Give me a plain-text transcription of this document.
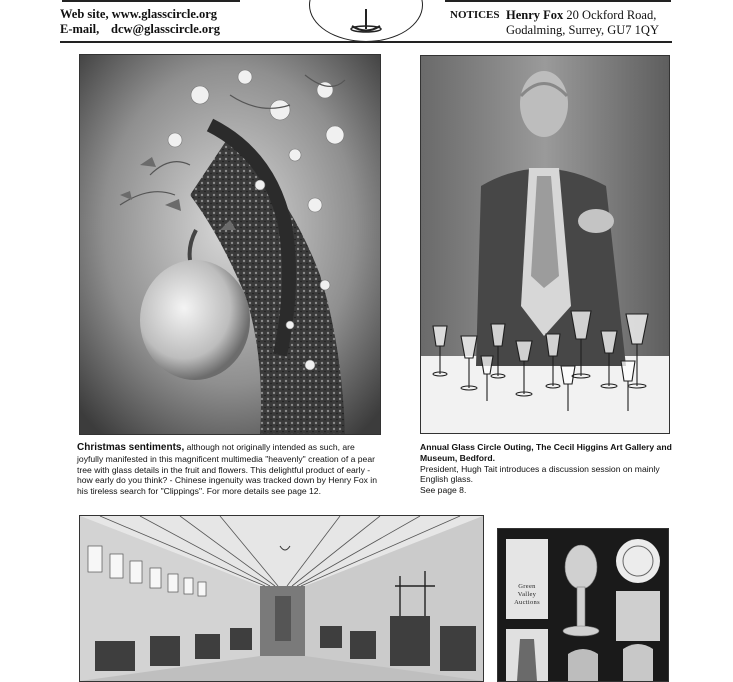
Web site, www.glasscircle.org
E-mail, dcw@glasscircle.org
NOTICES Henry Fox 20 Ockford Road,
Godalming, Surrey, GU7 1QY
Christmas sentiments, although not originally intended as such, are joyfully manifested in this magnificent multimedia "heavenly" creation of a pear tree with glass details in the fruit and flowers. This delightful product of early - how early do you think? - Chinese ingenuity was tracked down by Henry Fox in his tireless search for "Clippings". For more details see page 12.
Annual Glass Circle Outing, The Cecil Higgins Art Gallery and
Museum, Bedford.
President, Hugh Tait introduces a discussion session on mainly English glass.
See page 8.
Green
Valley
Auctions
